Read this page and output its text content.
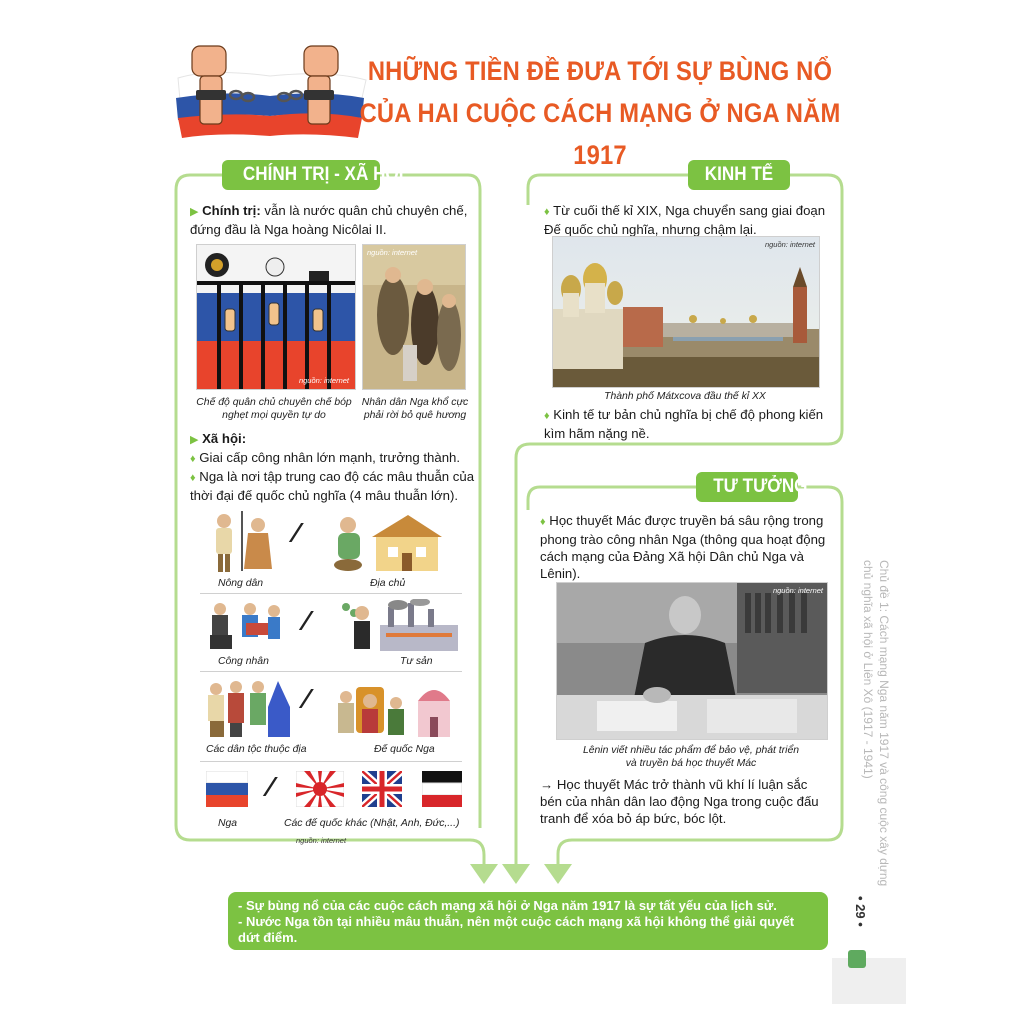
NHỮNG TIỀN ĐỀ ĐƯA TỚI SỰ BÙNG NỔ
CỦA HAI CUỘC CÁCH MẠNG Ở NGA NĂM 1917
CHÍNH TRỊ - XÃ HỘI
▶ Chính trị: vẫn là nước quân chủ chuyên chế, đứng đầu là Nga hoàng Nicôlai II.
nguồn: internet
nguồn: internet
Chế độ quân chủ chuyên chế bóp nghẹt mọi quyền tự do
Nhân dân Nga khổ cực phải rời bỏ quê hương
▶ Xã hội:
♦ Giai cấp công nhân lớn mạnh, trưởng thành.
♦ Nga là nơi tập trung cao độ các mâu thuẫn của thời đại đế quốc chủ nghĩa (4 mâu thuẫn lớn).
⁄
Nông dân	Địa chủ
⁄
Công nhân	Tư sản
⁄
Các dân tộc thuộc địa	Đế quốc Nga
⁄
Nga	Các đế quốc khác (Nhật, Anh, Đức,...)
nguồn: internet
KINH TẾ
♦ Từ cuối thế kỉ XIX, Nga chuyển sang giai đoạn Đế quốc chủ nghĩa, nhưng chậm lại.
nguồn: internet
Thành phố Mátxcova đầu thế kỉ XX
♦ Kinh tế tư bản chủ nghĩa bị chế độ phong kiến kìm hãm nặng nề.
TƯ TƯỞNG
♦ Học thuyết Mác được truyền bá sâu rộng trong phong trào công nhân Nga (thông qua hoạt động cách mạng của Đảng Xã hội Dân chủ Nga và Lênin).
nguồn: internet
Lênin viết nhiều tác phẩm để bảo vệ, phát triển
và truyền bá học thuyết Mác
→ Học thuyết Mác trở thành vũ khí lí luận sắc bén của nhân dân lao động Nga trong cuộc đấu tranh để xóa bỏ áp bức, bóc lột.
- Sự bùng nổ của các cuộc cách mạng xã hội ở Nga năm 1917 là sự tất yếu của lịch sử.
- Nước Nga tồn tại nhiều mâu thuẫn, nên một cuộc cách mạng xã hội không thể giải quyết dứt điểm.
Chủ đề 1: Cách mạng Nga năm 1917 và công cuộc xây dựng
chủ nghĩa xã hội ở Liên Xô (1917 - 1941)
• 29 •
